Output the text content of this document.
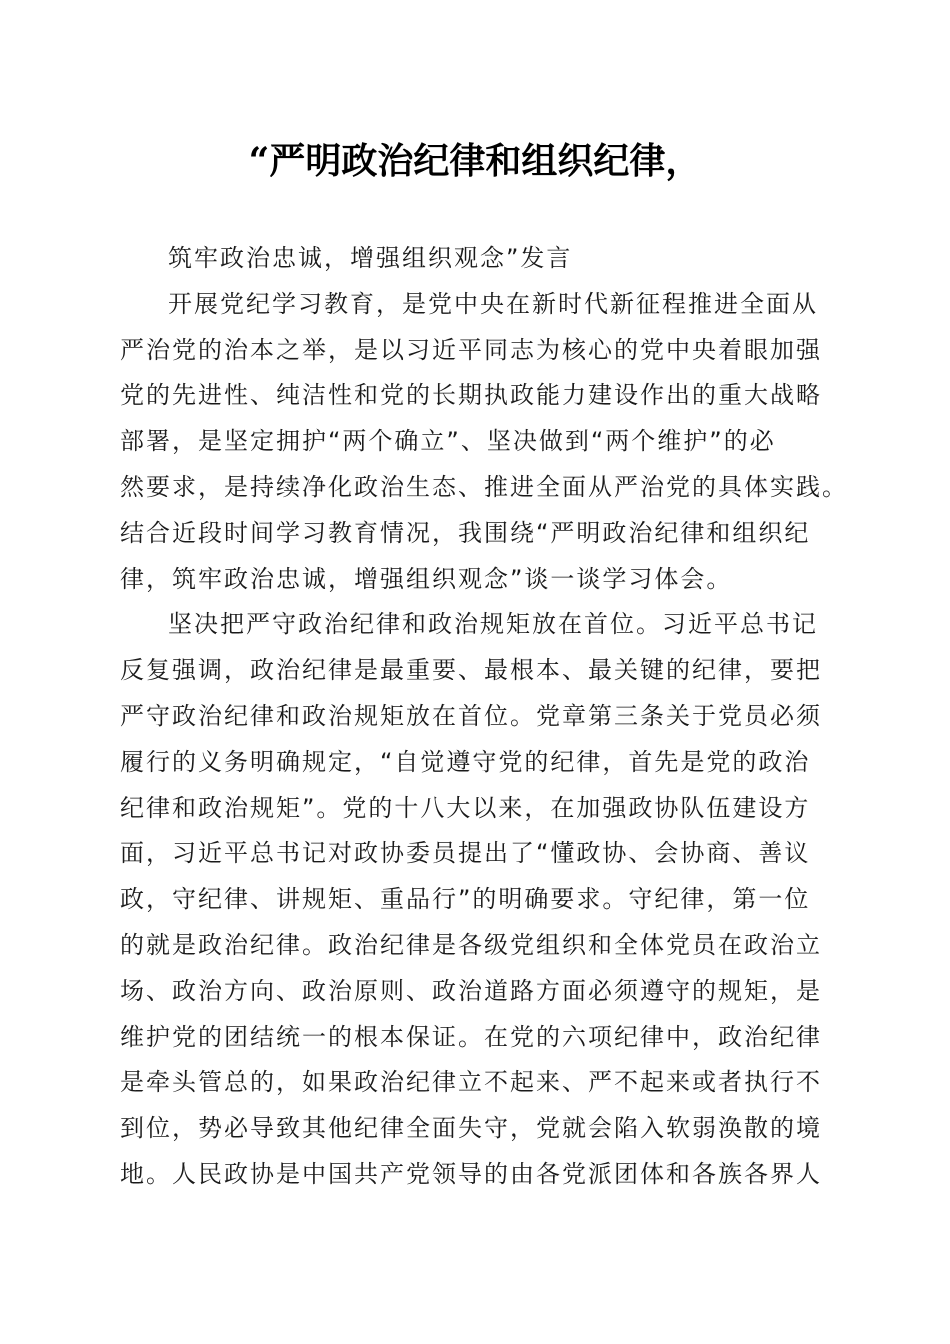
“严明政治纪律和组织纪律，
筑牢政治忠诚，增强组织观念”发言
开展党纪学习教育，是党中央在新时代新征程推进全面从
严治党的治本之举，是以习近平同志为核心的党中央着眼加强
党的先进性、纯洁性和党的长期执政能力建设作出的重大战略
部署，是坚定拥护“两个确立”、坚决做到“两个维护”的必
然要求，是持续净化政治生态、推进全面从严治党的具体实践。
结合近段时间学习教育情况，我围绕“严明政治纪律和组织纪
律，筑牢政治忠诚，增强组织观念”谈一谈学习体会。
坚决把严守政治纪律和政治规矩放在首位。习近平总书记
反复强调，政治纪律是最重要、最根本、最关键的纪律，要把
严守政治纪律和政治规矩放在首位。党章第三条关于党员必须
履行的义务明确规定，“自觉遵守党的纪律，首先是党的政治
纪律和政治规矩”。党的十八大以来，在加强政协队伍建设方
面，习近平总书记对政协委员提出了“懂政协、会协商、善议
政，守纪律、讲规矩、重品行”的明确要求。守纪律，第一位
的就是政治纪律。政治纪律是各级党组织和全体党员在政治立
场、政治方向、政治原则、政治道路方面必须遵守的规矩，是
维护党的团结统一的根本保证。在党的六项纪律中，政治纪律
是牵头管总的，如果政治纪律立不起来、严不起来或者执行不
到位，势必导致其他纪律全面失守，党就会陷入软弱涣散的境
地。人民政协是中国共产党领导的由各党派团体和各族各界人
